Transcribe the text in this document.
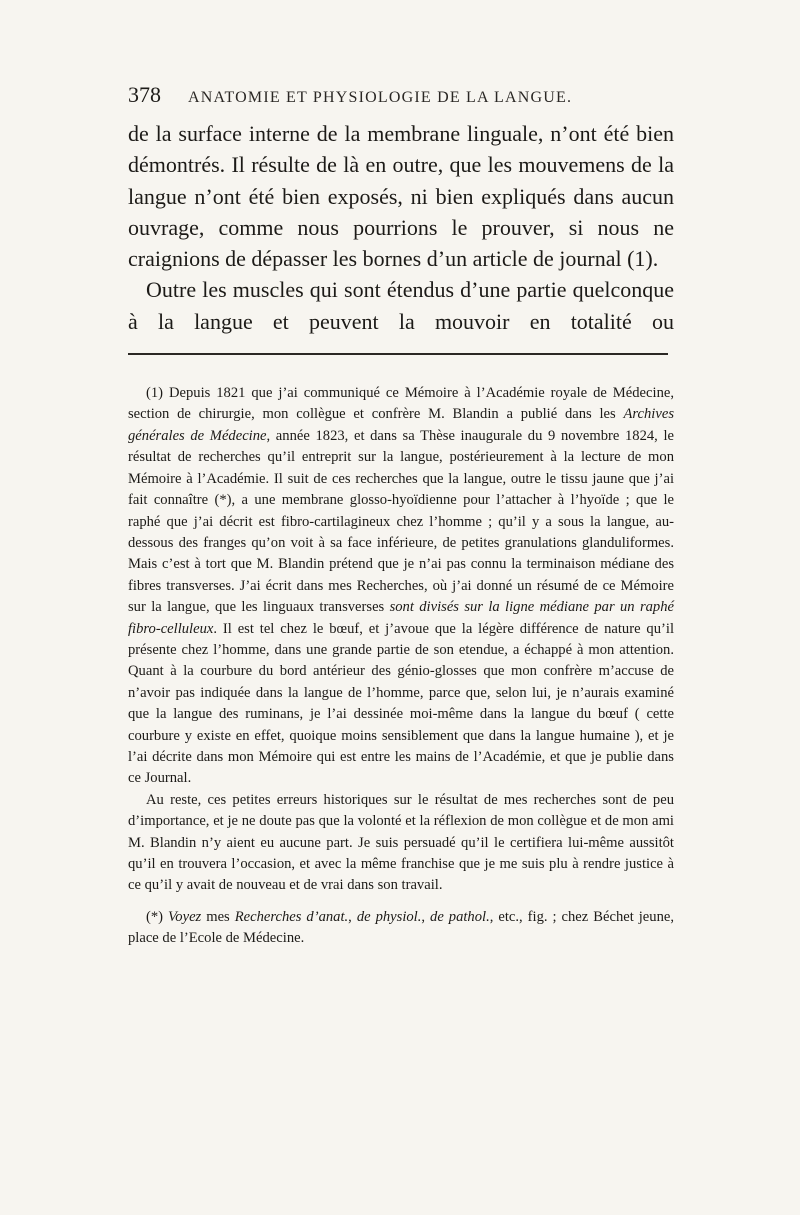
378	ANATOMIE ET PHYSIOLOGIE DE LA LANGUE.

de la surface interne de la membrane linguale, n’ont été bien démontrés. Il résulte de là en outre, que les mouvemens de la langue n’ont été bien exposés, ni bien expliqués dans aucun ouvrage, comme nous pourrions le prouver, si nous ne craignions de dépasser les bornes d’un article de journal (1).

Outre les muscles qui sont étendus d’une partie quelconque à la langue et peuvent la mouvoir en totalité ou

(1) Depuis 1821 que j’ai communiqué ce Mémoire à l’Académie royale de Médecine, section de chirurgie, mon collègue et confrère M. Blandin a publié dans les Archives générales de Médecine, année 1823, et dans sa Thèse inaugurale du 9 novembre 1824, le résultat de recherches qu’il entreprit sur la langue, postérieurement à la lecture de mon Mémoire à l’Académie. Il suit de ces recherches que la langue, outre le tissu jaune que j’ai fait connaître (*), a une membrane glosso-hyoïdienne pour l’attacher à l’hyoïde ; que le raphé que j’ai décrit est fibro-cartilagineux chez l’homme ; qu’il y a sous la langue, au-dessous des franges qu’on voit à sa face inférieure, de petites granulations glanduliformes. Mais c’est à tort que M. Blandin prétend que je n’ai pas connu la terminaison médiane des fibres transverses. J’ai écrit dans mes Recherches, où j’ai donné un résumé de ce Mémoire sur la langue, que les linguaux transverses sont divisés sur la ligne médiane par un raphé fibro-celluleux. Il est tel chez le bœuf, et j’avoue que la légère différence de nature qu’il présente chez l’homme, dans une grande partie de son etendue, a échappé à mon attention. Quant à la courbure du bord antérieur des génio-glosses que mon confrère m’accuse de n’avoir pas indiquée dans la langue de l’homme, parce que, selon lui, je n’aurais examiné que la langue des ruminans, je l’ai dessinée moi-même dans la langue du bœuf ( cette courbure y existe en effet, quoique moins sensiblement que dans la langue humaine ), et je l’ai décrite dans mon Mémoire qui est entre les mains de l’Académie, et que je publie dans ce Journal.

Au reste, ces petites erreurs historiques sur le résultat de mes recherches sont de peu d’importance, et je ne doute pas que la volonté et la réflexion de mon collègue et de mon ami M. Blandin n’y aient eu aucune part. Je suis persuadé qu’il le certifiera lui-même aussitôt qu’il en trouvera l’occasion, et avec la même franchise que je me suis plu à rendre justice à ce qu’il y avait de nouveau et de vrai dans son travail.

(*) Voyez mes Recherches d’anat., de physiol., de pathol., etc., fig. ; chez Béchet jeune, place de l’Ecole de Médecine.
